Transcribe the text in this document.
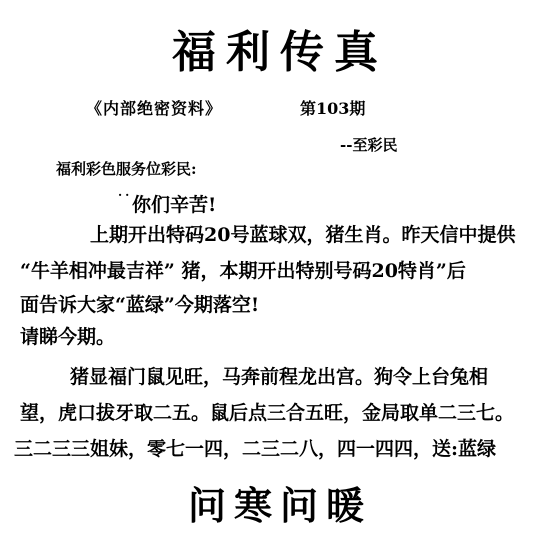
福利传真
《内部绝密资料》	第103期
--至彩民
福利彩色服务位彩民:
·· 你们辛苦!
上期开出特码20号蓝球双，猪生肖。昨天信中提供
“牛羊相冲最吉祥” 猪，本期开出特别号码20特肖”后
面告诉大家“蓝绿”今期落空!
请睇今期。
猪显福门鼠见旺，马奔前程龙出宫。狗令上台兔相
望，虎口拔牙取二五。鼠后点三合五旺，金局取单二三七。
三二三三姐妹，零七一四，二三二八，四一四四，送:蓝绿
问寒问暖
